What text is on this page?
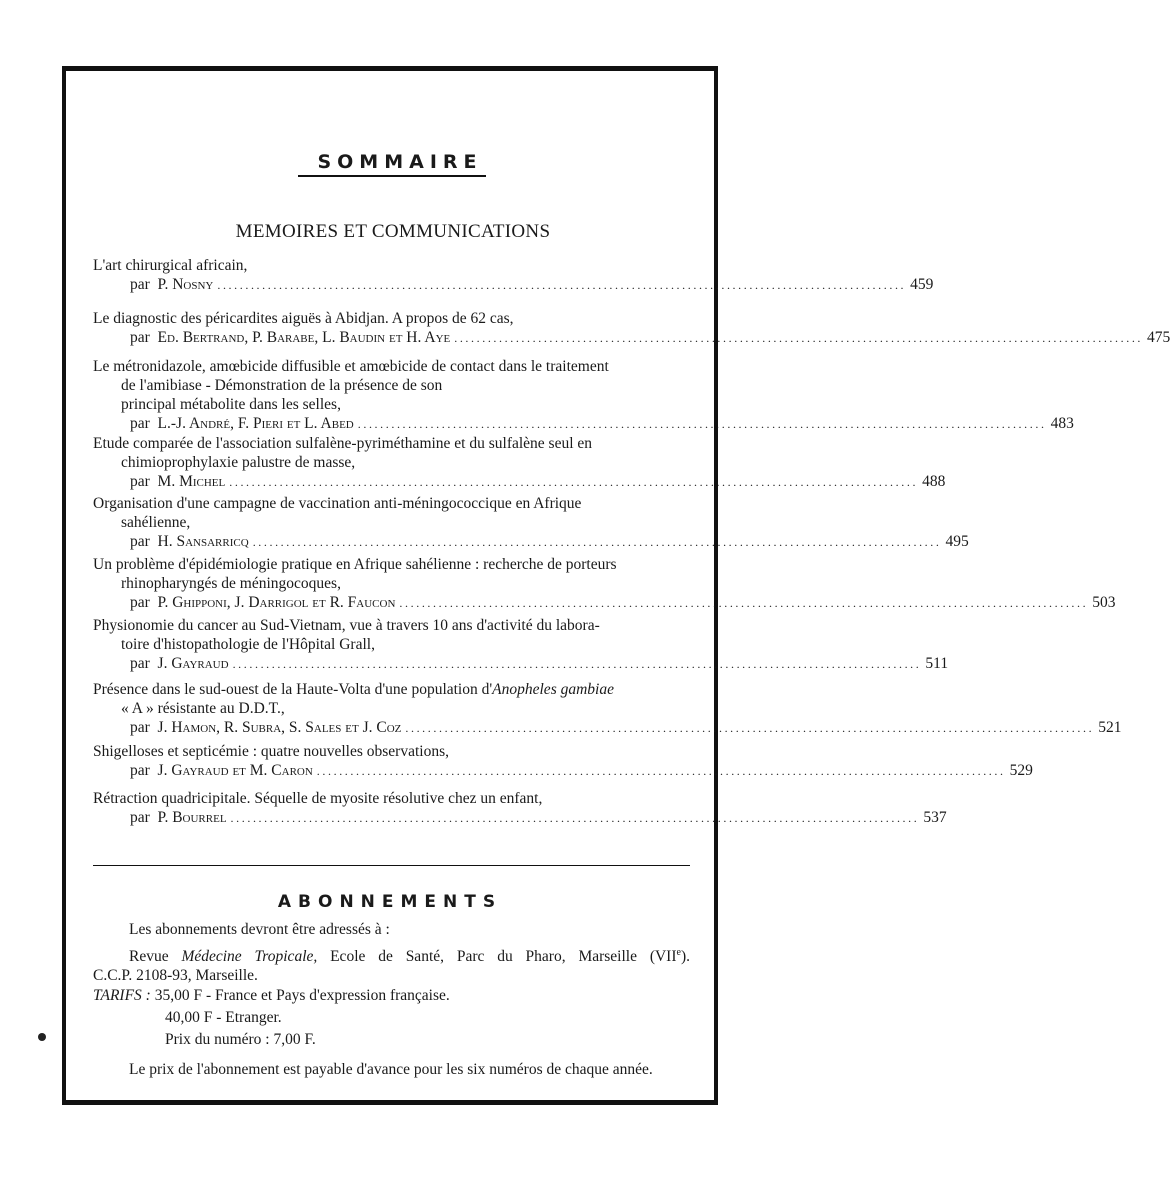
SOMMAIRE
MEMOIRES ET COMMUNICATIONS
L'art chirurgical africain,
par P. Nosny ........................................................................................................................... 459
Le diagnostic des péricardites aiguës à Abidjan. A propos de 62 cas,
par Ed. Bertrand, P. Barabe, L. Baudin et H. Aye ........................................................................................................................... 475
Le métronidazole, amœbicide diffusible et amœbicide de contact dans le traitement
de l'amibiase - Démonstration de la présence de son principal métabolite dans les selles,
par L.-J. André, F. Pieri et L. Abed ........................................................................................................................... 483
Etude comparée de l'association sulfalène-pyriméthamine et du sulfalène seul en
chimioprophylaxie palustre de masse,
par M. Michel ........................................................................................................................... 488
Organisation d'une campagne de vaccination anti-méningococcique en Afrique
sahélienne,
par H. Sansarricq ........................................................................................................................... 495
Un problème d'épidémiologie pratique en Afrique sahélienne : recherche de porteurs
rhinopharyngés de méningocoques,
par P. Ghipponi, J. Darrigol et R. Faucon ........................................................................................................................... 503
Physionomie du cancer au Sud-Vietnam, vue à travers 10 ans d'activité du labora-
toire d'histopathologie de l'Hôpital Grall,
par J. Gayraud ........................................................................................................................... 511
Présence dans le sud-ouest de la Haute-Volta d'une population d'Anopheles gambiae
« A » résistante au D.D.T.,
par J. Hamon, R. Subra, S. Sales et J. Coz ........................................................................................................................... 521
Shigelloses et septicémie : quatre nouvelles observations,
par J. Gayraud et M. Caron ........................................................................................................................... 529
Rétraction quadricipitale. Séquelle de myosite résolutive chez un enfant,
par P. Bourrel ........................................................................................................................... 537
ABONNEMENTS
Les abonnements devront être adressés à :
Revue Médecine Tropicale, Ecole de Santé, Parc du Pharo, Marseille (VIIe).
C.C.P. 2108-93, Marseille.
TARIFS : 35,00 F - France et Pays d'expression française.
40,00 F - Etranger.
Prix du numéro : 7,00 F.
Le prix de l'abonnement est payable d'avance pour les six numéros de chaque année.
